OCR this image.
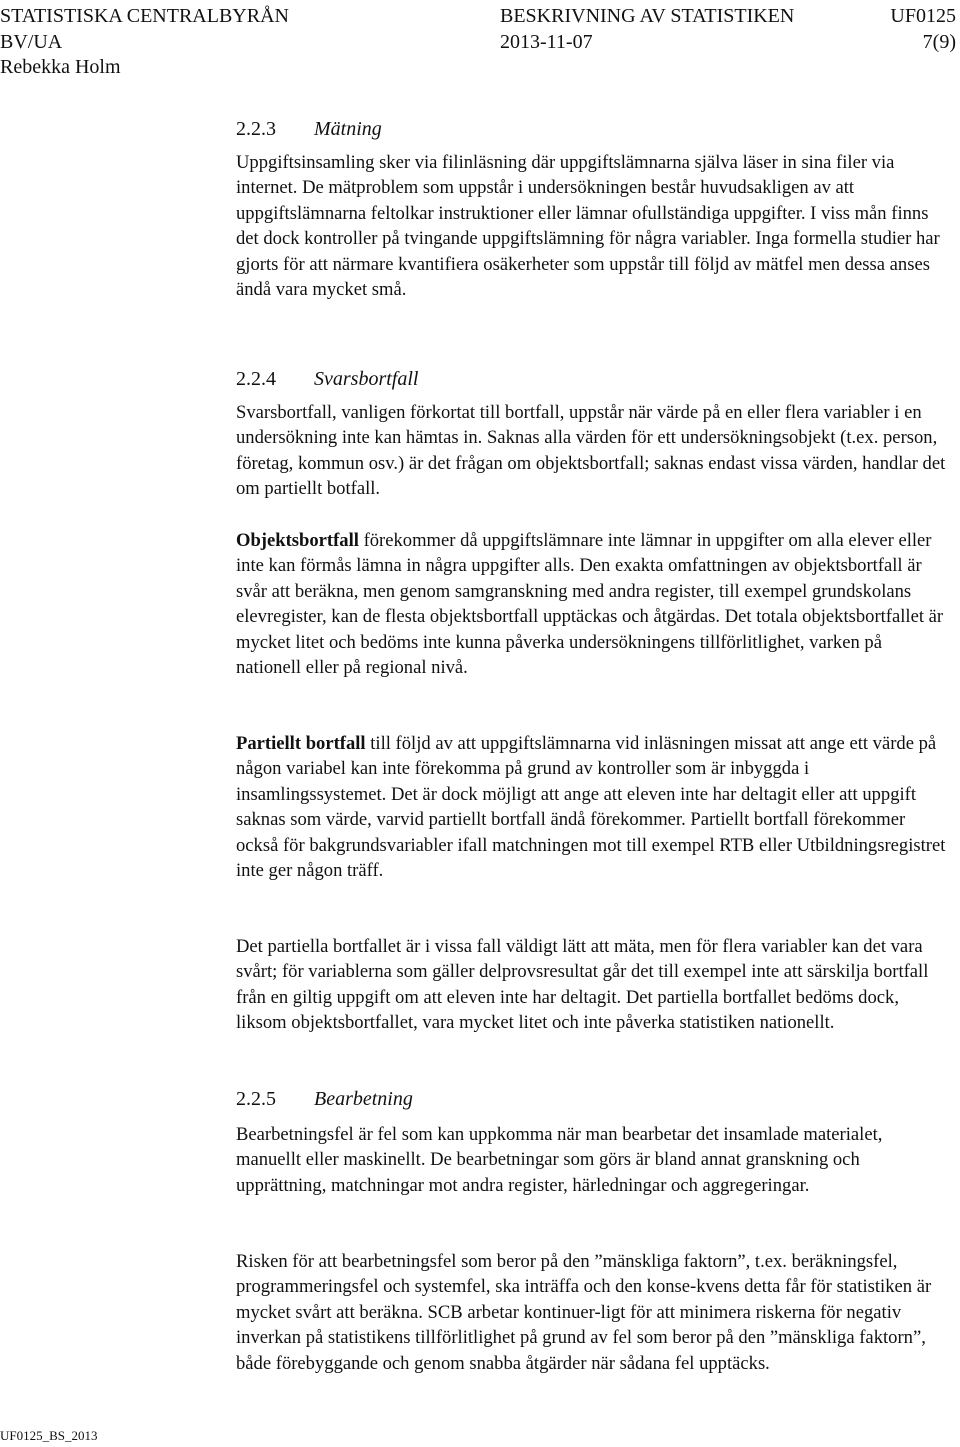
STATISTISKA CENTRALBYRÅN	BESKRIVNING AV STATISTIKEN	UF0125
BV/UA	2013-11-07	7(9)
Rebekka Holm
2.2.3 Mätning

Uppgiftsinsamling sker via filinläsning där uppgiftslämnarna själva läser in sina filer via internet. De mätproblem som uppstår i undersökningen består huvudsakligen av att uppgiftslämnarna feltolkar instruktioner eller lämnar ofullständiga uppgifter. I viss mån finns det dock kontroller på tvingande uppgiftslämning för några variabler. Inga formella studier har gjorts för att närmare kvantifiera osäkerheter som uppstår till följd av mätfel men dessa anses ändå vara mycket små.

2.2.4 Svarsbortfall

Svarsbortfall, vanligen förkortat till bortfall, uppstår när värde på en eller flera variabler i en undersökning inte kan hämtas in. Saknas alla värden för ett undersökningsobjekt (t.ex. person, företag, kommun osv.) är det frågan om objektsbortfall; saknas endast vissa värden, handlar det om partiellt botfall.

Objektsbortfall förekommer då uppgiftslämnare inte lämnar in uppgifter om alla elever eller inte kan förmås lämna in några uppgifter alls. Den exakta omfattningen av objektsbortfall är svår att beräkna, men genom samgranskning med andra register, till exempel grundskolans elevregister, kan de flesta objektsbortfall upptäckas och åtgärdas. Det totala objektsbortfallet är mycket litet och bedöms inte kunna påverka undersökningens tillförlitlighet, varken på nationell eller på regional nivå.

Partiellt bortfall till följd av att uppgiftslämnarna vid inläsningen missat att ange ett värde på någon variabel kan inte förekomma på grund av kontroller som är inbyggda i insamlingssystemet. Det är dock möjligt att ange att eleven inte har deltagit eller att uppgift saknas som värde, varvid partiellt bortfall ändå förekommer. Partiellt bortfall förekommer också för bakgrundsvariabler ifall matchningen mot till exempel RTB eller Utbildningsregistret inte ger någon träff.

Det partiella bortfallet är i vissa fall väldigt lätt att mäta, men för flera variabler kan det vara svårt; för variablerna som gäller delprovsresultat går det till exempel inte att särskilja bortfall från en giltig uppgift om att eleven inte har deltagit. Det partiella bortfallet bedöms dock, liksom objektsbortfallet, vara mycket litet och inte påverka statistiken nationellt.

2.2.5 Bearbetning

Bearbetningsfel är fel som kan uppkomma när man bearbetar det insamlade materialet, manuellt eller maskinellt. De bearbetningar som görs är bland annat granskning och upprättning, matchningar mot andra register, härledningar och aggregeringar.

Risken för att bearbetningsfel som beror på den ”mänskliga faktorn”, t.ex. beräkningsfel, programmeringsfel och systemfel, ska inträffa och den konse-kvens detta får för statistiken är mycket svårt att beräkna. SCB arbetar kontinuer-ligt för att minimera riskerna för negativ inverkan på statistikens tillförlitlighet på grund av fel som beror på den ”mänskliga faktorn”, både förebyggande och genom snabba åtgärder när sådana fel upptäcks.

UF0125_BS_2013
